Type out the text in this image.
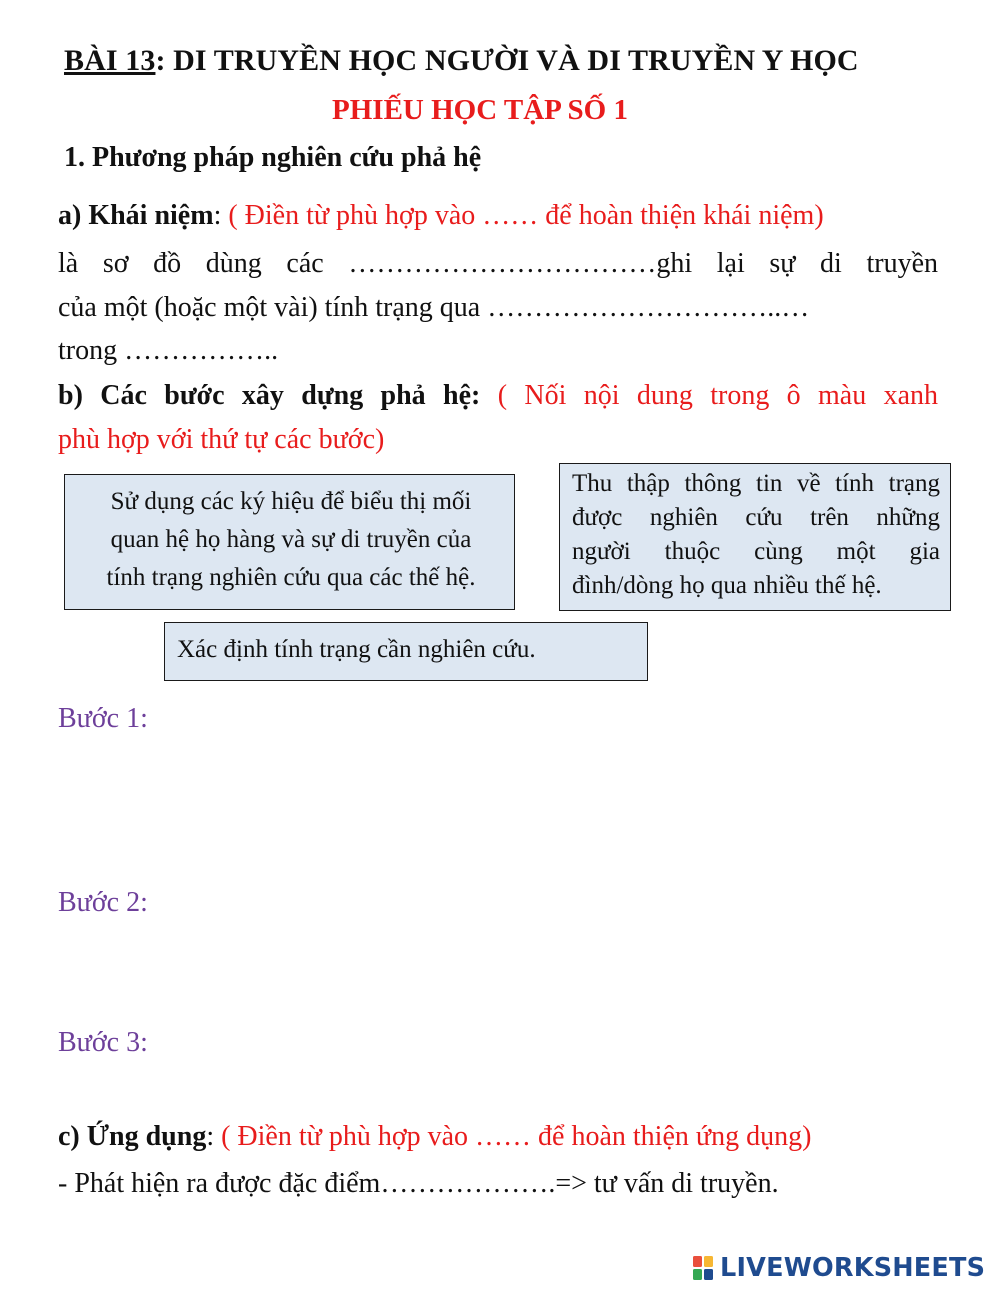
BÀI 13: DI TRUYỀN HỌC NGƯỜI VÀ DI TRUYỀN Y HỌC
PHIẾU HỌC TẬP SỐ 1
1. Phương pháp nghiên cứu phả hệ
a) Khái niệm: ( Điền từ phù hợp vào …… để hoàn thiện khái niệm)
là sơ đồ dùng các ……………………………ghi lại sự di truyền
của một (hoặc một vài) tính trạng qua …………………………..…
trong ……………..
b) Các bước xây dựng phả hệ: ( Nối nội dung trong ô màu xanh
phù hợp với thứ tự các bước)
Sử dụng các ký hiệu để biểu thị mối
quan hệ họ hàng và sự di truyền của
tính trạng nghiên cứu qua các thế hệ.
Thu thập thông tin về tính trạng
được nghiên cứu trên những
người thuộc cùng một gia
đình/dòng họ qua nhiều thế hệ.
Xác định tính trạng cần nghiên cứu.
Bước 1:
Bước 2:
Bước 3:
c) Ứng dụng: ( Điền từ phù hợp vào …… để hoàn thiện ứng dụng)
- Phát hiện ra được đặc điểm……………….=> tư vấn di truyền.
LIVEWORKSHEETS
